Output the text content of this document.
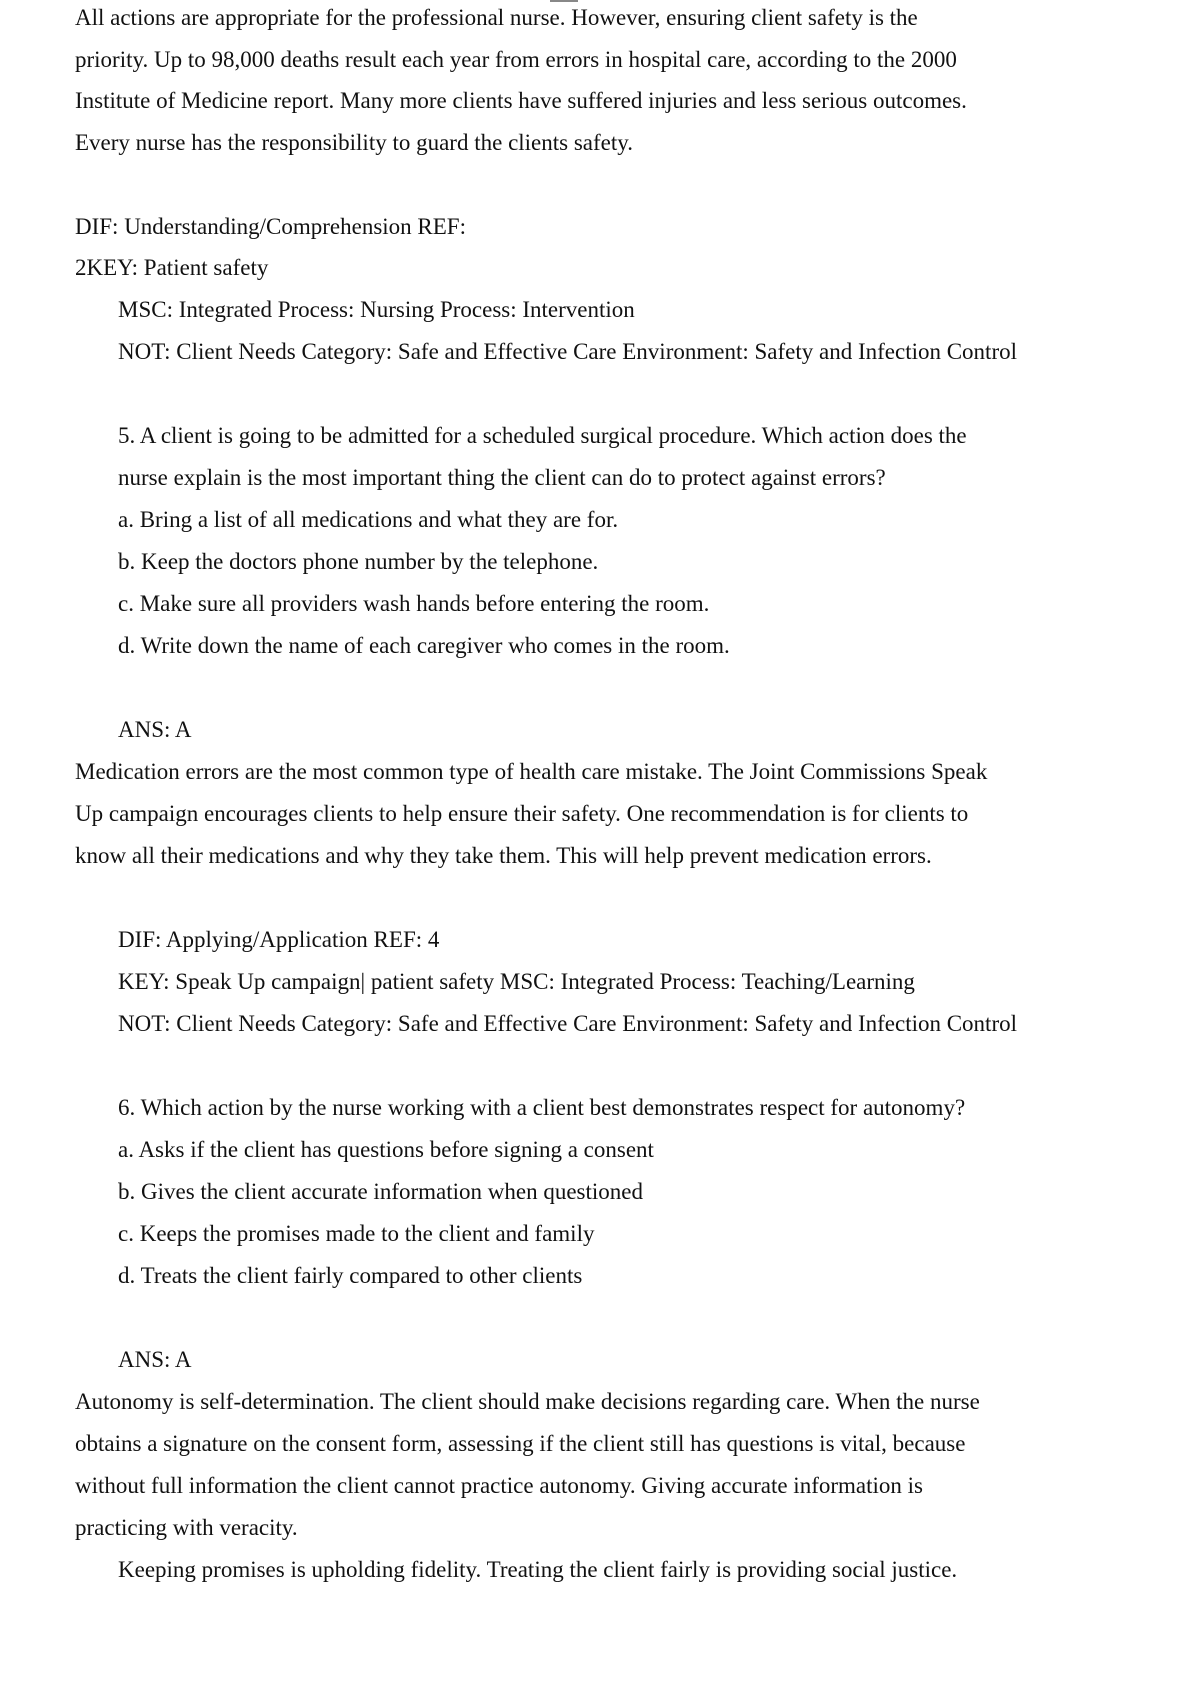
All actions are appropriate for the professional nurse. However, ensuring client safety is the
priority. Up to 98,000 deaths result each year from errors in hospital care, according to the 2000
Institute of Medicine report. Many more clients have suffered injuries and less serious outcomes.
Every nurse has the responsibility to guard the clients safety.
DIF: Understanding/Comprehension REF:
2KEY: Patient safety
MSC: Integrated Process: Nursing Process: Intervention
NOT: Client Needs Category: Safe and Effective Care Environment: Safety and Infection Control
5. A client is going to be admitted for a scheduled surgical procedure. Which action does the
nurse explain is the most important thing the client can do to protect against errors?
a. Bring a list of all medications and what they are for.
b. Keep the doctors phone number by the telephone.
c. Make sure all providers wash hands before entering the room.
d. Write down the name of each caregiver who comes in the room.
ANS: A
Medication errors are the most common type of health care mistake. The Joint Commissions Speak
Up campaign encourages clients to help ensure their safety. One recommendation is for clients to
know all their medications and why they take them. This will help prevent medication errors.
DIF: Applying/Application REF: 4
KEY: Speak Up campaign| patient safety MSC: Integrated Process: Teaching/Learning
NOT: Client Needs Category: Safe and Effective Care Environment: Safety and Infection Control
6. Which action by the nurse working with a client best demonstrates respect for autonomy?
a. Asks if the client has questions before signing a consent
b. Gives the client accurate information when questioned
c. Keeps the promises made to the client and family
d. Treats the client fairly compared to other clients
ANS: A
Autonomy is self-determination. The client should make decisions regarding care. When the nurse
obtains a signature on the consent form, assessing if the client still has questions is vital, because
without full information the client cannot practice autonomy. Giving accurate information is
practicing with veracity.
Keeping promises is upholding fidelity. Treating the client fairly is providing social justice.
